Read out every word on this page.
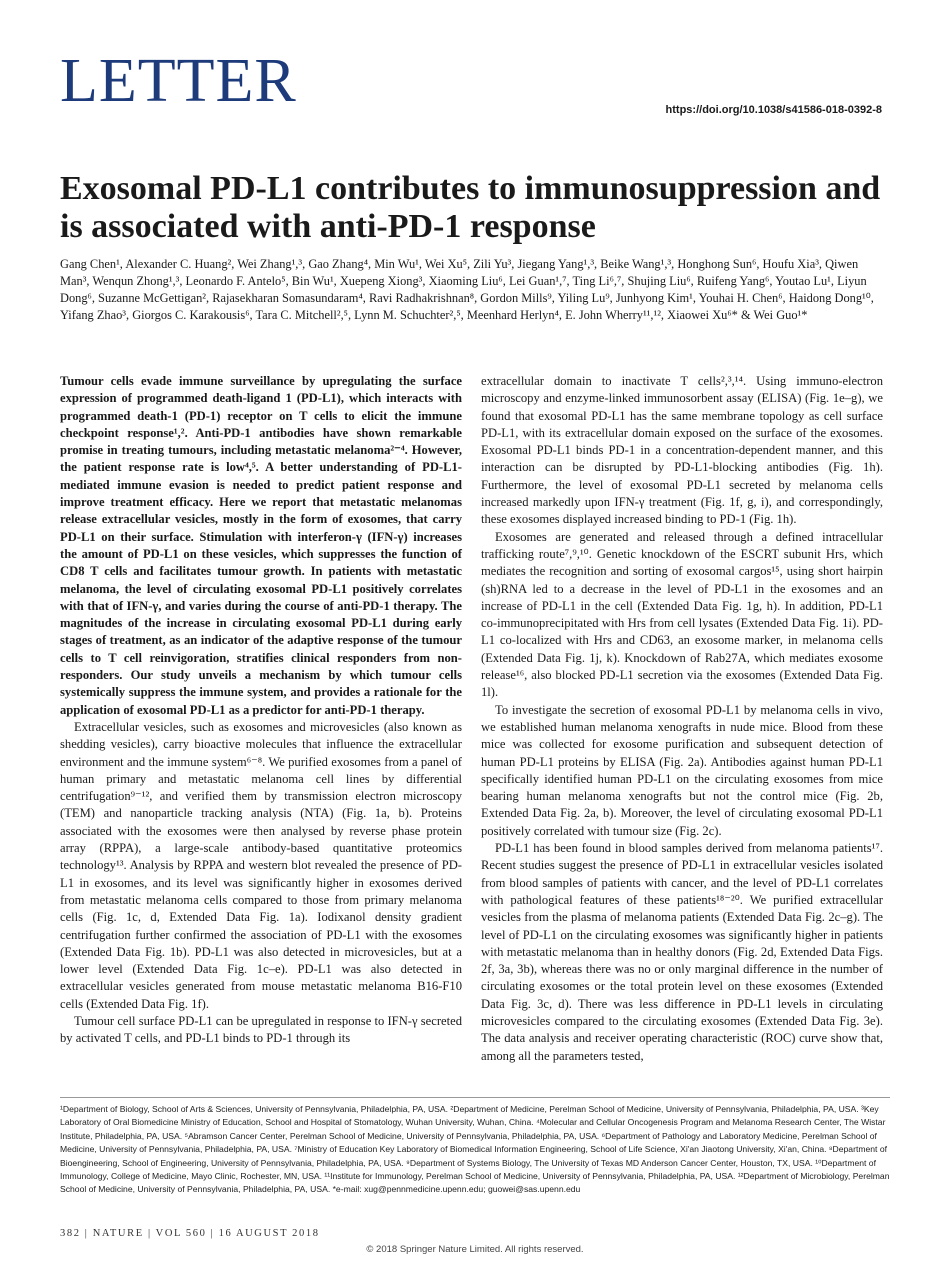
LETTER	https://doi.org/10.1038/s41586-018-0392-8
Exosomal PD-L1 contributes to immunosuppression and is associated with anti-PD-1 response
Gang Chen¹, Alexander C. Huang², Wei Zhang¹,³, Gao Zhang⁴, Min Wu¹, Wei Xu⁵, Zili Yu³, Jiegang Yang¹,³, Beike Wang¹,³, Honghong Sun⁶, Houfu Xia³, Qiwen Man³, Wenqun Zhong¹,³, Leonardo F. Antelo⁵, Bin Wu¹, Xuepeng Xiong³, Xiaoming Liu⁶, Lei Guan¹,⁷, Ting Li⁶,⁷, Shujing Liu⁶, Ruifeng Yang⁶, Youtao Lu¹, Liyun Dong⁶, Suzanne McGettigan², Rajasekharan Somasundaram⁴, Ravi Radhakrishnan⁸, Gordon Mills⁹, Yiling Lu⁹, Junhyong Kim¹, Youhai H. Chen⁶, Haidong Dong¹⁰, Yifang Zhao³, Giorgos C. Karakousis⁶, Tara C. Mitchell²,⁵, Lynn M. Schuchter²,⁵, Meenhard Herlyn⁴, E. John Wherry¹¹,¹², Xiaowei Xu⁶* & Wei Guo¹*

Tumour cells evade immune surveillance by upregulating the surface expression of programmed death-ligand 1 (PD-L1), which interacts with programmed death-1 (PD-1) receptor on T cells to elicit the immune checkpoint response¹,². Anti-PD-1 antibodies have shown remarkable promise in treating tumours, including metastatic melanoma²⁻⁴. However, the patient response rate is low⁴,⁵. A better understanding of PD-L1-mediated immune evasion is needed to predict patient response and improve treatment efficacy. Here we report that metastatic melanomas release extracellular vesicles, mostly in the form of exosomes, that carry PD-L1 on their surface. Stimulation with interferon-γ (IFN-γ) increases the amount of PD-L1 on these vesicles, which suppresses the function of CD8 T cells and facilitates tumour growth. In patients with metastatic melanoma, the level of circulating exosomal PD-L1 positively correlates with that of IFN-γ, and varies during the course of anti-PD-1 therapy. The magnitudes of the increase in circulating exosomal PD-L1 during early stages of treatment, as an indicator of the adaptive response of the tumour cells to T cell reinvigoration, stratifies clinical responders from non-responders. Our study unveils a mechanism by which tumour cells systemically suppress the immune system, and provides a rationale for the application of exosomal PD-L1 as a predictor for anti-PD-1 therapy.

Extracellular vesicles, such as exosomes and microvesicles (also known as shedding vesicles), carry bioactive molecules that influence the extracellular environment and the immune system⁶⁻⁸. We purified exosomes from a panel of human primary and metastatic melanoma cell lines by differential centrifugation⁹⁻¹², and verified them by transmission electron microscopy (TEM) and nanoparticle tracking analysis (NTA) (Fig. 1a, b). Proteins associated with the exosomes were then analysed by reverse phase protein array (RPPA), a large-scale antibody-based quantitative proteomics technology¹³. Analysis by RPPA and western blot revealed the presence of PD-L1 in exosomes, and its level was significantly higher in exosomes derived from metastatic melanoma cells compared to those from primary melanoma cells (Fig. 1c, d, Extended Data Fig. 1a). Iodixanol density gradient centrifugation further confirmed the association of PD-L1 with the exosomes (Extended Data Fig. 1b). PD-L1 was also detected in microvesicles, but at a lower level (Extended Data Fig. 1c–e). PD-L1 was also detected in extracellular vesicles generated from mouse metastatic melanoma B16-F10 cells (Extended Data Fig. 1f).

Tumour cell surface PD-L1 can be upregulated in response to IFN-γ secreted by activated T cells, and PD-L1 binds to PD-1 through its

extracellular domain to inactivate T cells²,³,¹⁴. Using immuno-electron microscopy and enzyme-linked immunosorbent assay (ELISA) (Fig. 1e–g), we found that exosomal PD-L1 has the same membrane topology as cell surface PD-L1, with its extracellular domain exposed on the surface of the exosomes. Exosomal PD-L1 binds PD-1 in a concentration-dependent manner, and this interaction can be disrupted by PD-L1-blocking antibodies (Fig. 1h). Furthermore, the level of exosomal PD-L1 secreted by melanoma cells increased markedly upon IFN-γ treatment (Fig. 1f, g, i), and correspondingly, these exosomes displayed increased binding to PD-1 (Fig. 1h).

Exosomes are generated and released through a defined intracellular trafficking route⁷,⁹,¹⁰. Genetic knockdown of the ESCRT subunit Hrs, which mediates the recognition and sorting of exosomal cargos¹⁵, using short hairpin (sh)RNA led to a decrease in the level of PD-L1 in the exosomes and an increase of PD-L1 in the cell (Extended Data Fig. 1g, h). In addition, PD-L1 co-immunoprecipitated with Hrs from cell lysates (Extended Data Fig. 1i). PD-L1 co-localized with Hrs and CD63, an exosome marker, in melanoma cells (Extended Data Fig. 1j, k). Knockdown of Rab27A, which mediates exosome release¹⁶, also blocked PD-L1 secretion via the exosomes (Extended Data Fig. 1l).

To investigate the secretion of exosomal PD-L1 by melanoma cells in vivo, we established human melanoma xenografts in nude mice. Blood from these mice was collected for exosome purification and subsequent detection of human PD-L1 proteins by ELISA (Fig. 2a). Antibodies against human PD-L1 specifically identified human PD-L1 on the circulating exosomes from mice bearing human melanoma xenografts but not the control mice (Fig. 2b, Extended Data Fig. 2a, b). Moreover, the level of circulating exosomal PD-L1 positively correlated with tumour size (Fig. 2c).

PD-L1 has been found in blood samples derived from melanoma patients¹⁷. Recent studies suggest the presence of PD-L1 in extracellular vesicles isolated from blood samples of patients with cancer, and the level of PD-L1 correlates with pathological features of these patients¹⁸⁻²⁰. We purified extracellular vesicles from the plasma of melanoma patients (Extended Data Fig. 2c–g). The level of PD-L1 on the circulating exosomes was significantly higher in patients with metastatic melanoma than in healthy donors (Fig. 2d, Extended Data Figs. 2f, 3a, 3b), whereas there was no or only marginal difference in the number of circulating exosomes or the total protein level on these exosomes (Extended Data Fig. 3c, d). There was less difference in PD-L1 levels in circulating microvesicles compared to the circulating exosomes (Extended Data Fig. 3e). The data analysis and receiver operating characteristic (ROC) curve show that, among all the parameters tested,

¹Department of Biology, School of Arts & Sciences, University of Pennsylvania, Philadelphia, PA, USA. ²Department of Medicine, Perelman School of Medicine, University of Pennsylvania, Philadelphia, PA, USA. ³Key Laboratory of Oral Biomedicine Ministry of Education, School and Hospital of Stomatology, Wuhan University, Wuhan, China. ⁴Molecular and Cellular Oncogenesis Program and Melanoma Research Center, The Wistar Institute, Philadelphia, PA, USA. ⁵Abramson Cancer Center, Perelman School of Medicine, University of Pennsylvania, Philadelphia, PA, USA. ⁶Department of Pathology and Laboratory Medicine, Perelman School of Medicine, University of Pennsylvania, Philadelphia, PA, USA. ⁷Ministry of Education Key Laboratory of Biomedical Information Engineering, School of Life Science, Xi'an Jiaotong University, Xi'an, China. ⁸Department of Bioengineering, School of Engineering, University of Pennsylvania, Philadelphia, PA, USA. ⁹Department of Systems Biology, The University of Texas MD Anderson Cancer Center, Houston, TX, USA. ¹⁰Department of Immunology, College of Medicine, Mayo Clinic, Rochester, MN, USA. ¹¹Institute for Immunology, Perelman School of Medicine, University of Pennsylvania, Philadelphia, PA, USA. ¹²Department of Microbiology, Perelman School of Medicine, University of Pennsylvania, Philadelphia, PA, USA. *e-mail: xug@pennmedicine.upenn.edu; guowei@sas.upenn.edu
382 | NATURE | VOL 560 | 16 AUGUST 2018
© 2018 Springer Nature Limited. All rights reserved.
